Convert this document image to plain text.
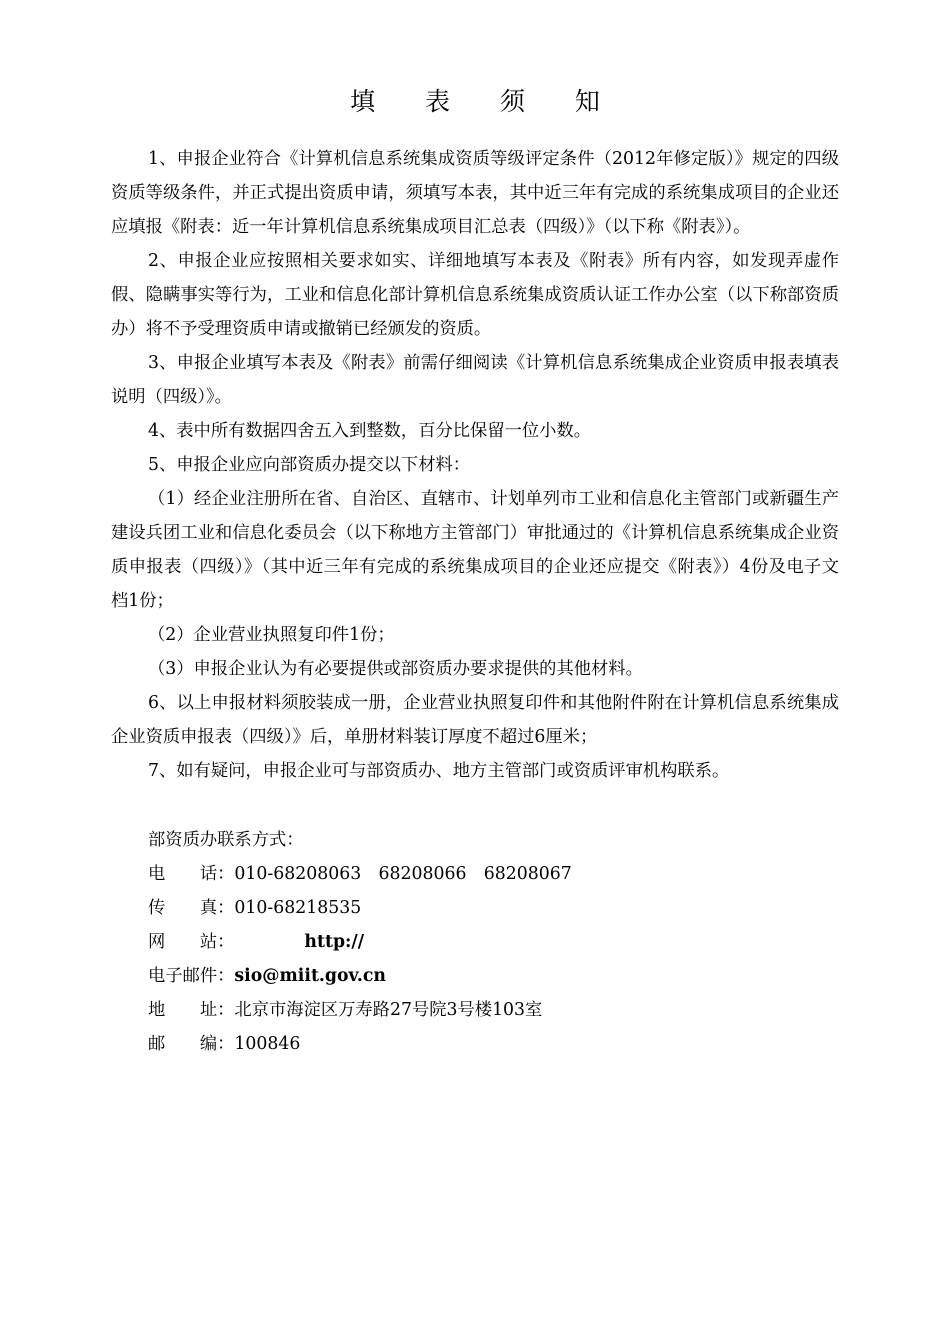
填 表 须 知

1、申报企业符合《计算机信息系统集成资质等级评定条件（2012年修定版）》规定的四级资质等级条件，并正式提出资质申请，须填写本表，其中近三年有完成的系统集成项目的企业还应填报《附表：近一年计算机信息系统集成项目汇总表（四级）》（以下称《附表》）。

2、申报企业应按照相关要求如实、详细地填写本表及《附表》所有内容，如发现弄虚作假、隐瞒事实等行为，工业和信息化部计算机信息系统集成资质认证工作办公室（以下称部资质办）将不予受理资质申请或撤销已经颁发的资质。

3、申报企业填写本表及《附表》前需仔细阅读《计算机信息系统集成企业资质申报表填表说明（四级）》。

4、表中所有数据四舍五入到整数，百分比保留一位小数。

5、申报企业应向部资质办提交以下材料：

（1）经企业注册所在省、自治区、直辖市、计划单列市工业和信息化主管部门或新疆生产建设兵团工业和信息化委员会（以下称地方主管部门）审批通过的《计算机信息系统集成企业资质申报表（四级）》（其中近三年有完成的系统集成项目的企业还应提交《附表》）4份及电子文档1份；

（2）企业营业执照复印件1份；

（3）申报企业认为有必要提供或部资质办要求提供的其他材料。

6、以上申报材料须胶装成一册，企业营业执照复印件和其他附件附在计算机信息系统集成企业资质申报表（四级）》后，单册材料装订厚度不超过6厘米；

7、如有疑问，申报企业可与部资质办、地方主管部门或资质评审机构联系。

部资质办联系方式：

电　　话：010-68208063　68208066　68208067

传　　真：010-68218535

网　　站：	http://

电子邮件：sio@miit.gov.cn

地　　址：北京市海淀区万寿路27号院3号楼103室

邮　　编：100846
